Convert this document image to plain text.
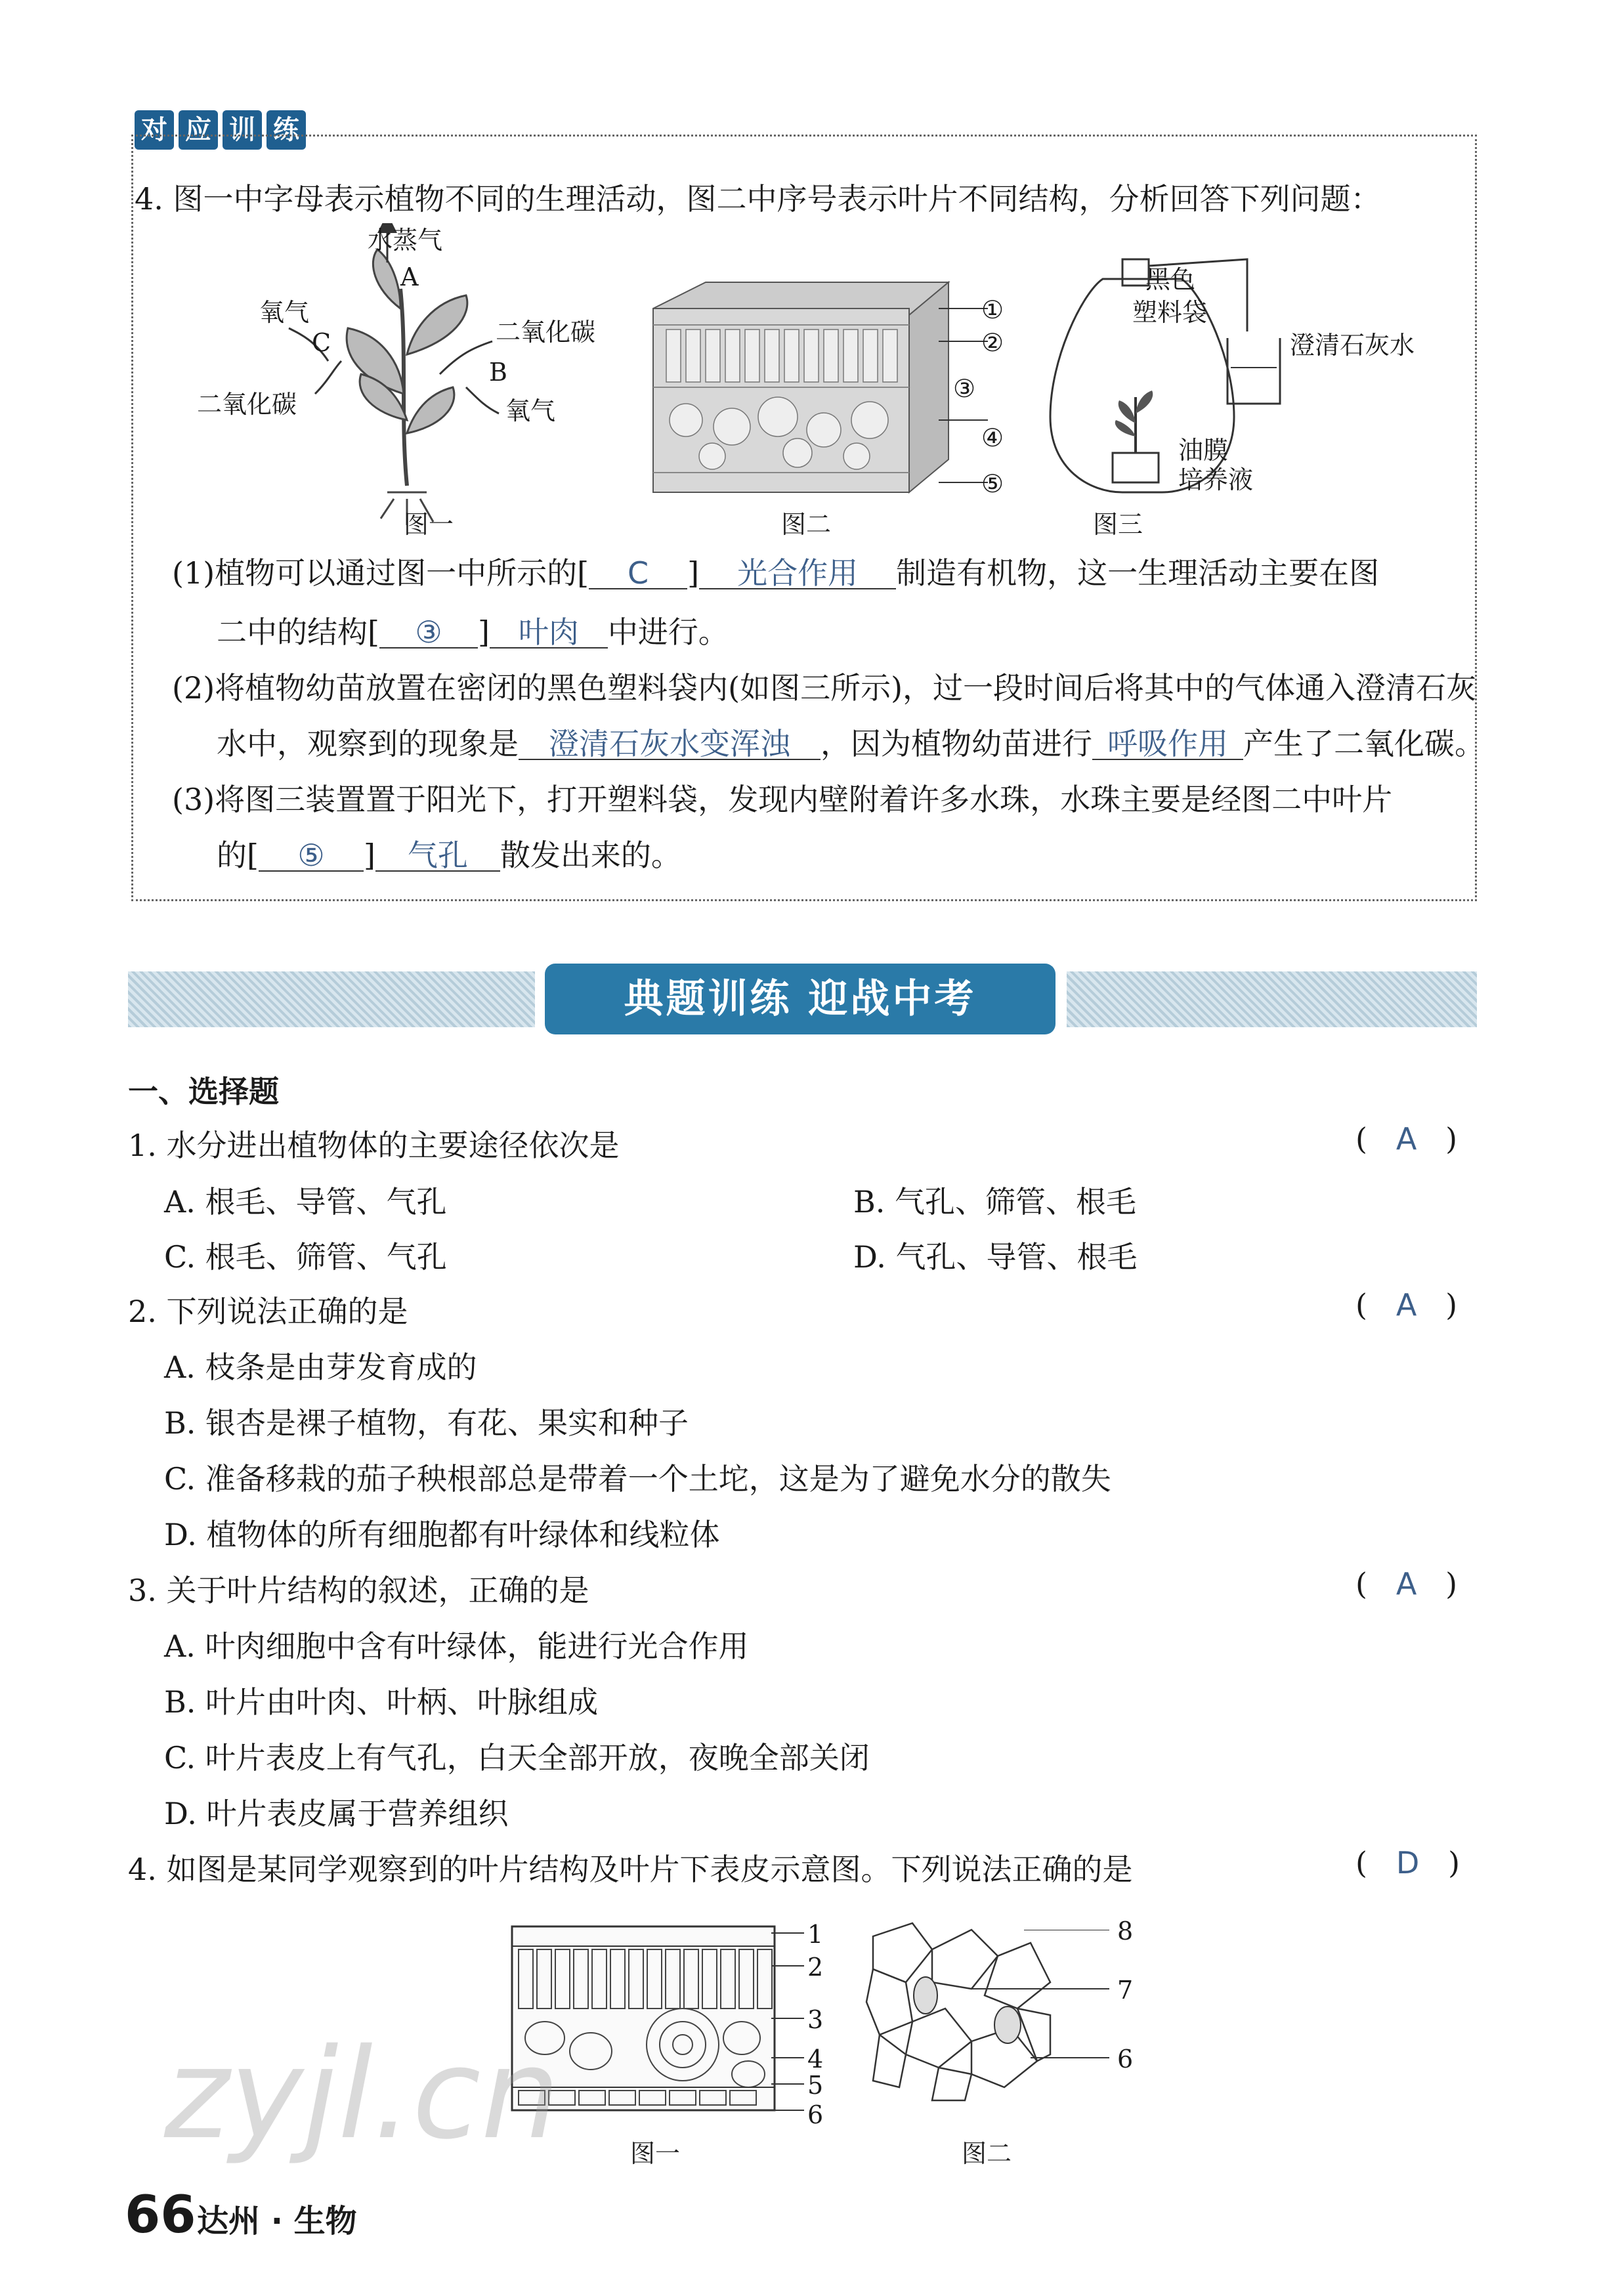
对 应 训 练
4. 图一中字母表示植物不同的生理活动，图二中序号表示叶片不同结构，分析回答下列问题：
水蒸气
A
氧气
C
二氧化碳
二氧化碳
B
氧气
图一
①
②
③
④
⑤
图二
黑色
塑料袋
澄清石灰水
油膜
培养液
图三
(1)植物可以通过图一中所示的[ C ] 光合作用 制造有机物，这一生理活动主要在图
二中的结构[ ③ ] 叶肉 中进行。
(2)将植物幼苗放置在密闭的黑色塑料袋内(如图三所示)，过一段时间后将其中的气体通入澄清石灰
水中，观察到的现象是 澄清石灰水变浑浊 ，因为植物幼苗进行 呼吸作用 产生了二氧化碳。
(3)将图三装置置于阳光下，打开塑料袋，发现内壁附着许多水珠，水珠主要是经图二中叶片
的[ ⑤ ] 气孔 散发出来的。
典题训练 迎战中考
一、选择题
1. 水分进出植物体的主要途径依次是	( A )
A. 根毛、导管、气孔	B. 气孔、筛管、根毛
C. 根毛、筛管、气孔	D. 气孔、导管、根毛
2. 下列说法正确的是	( A )
A. 枝条是由芽发育成的
B. 银杏是裸子植物，有花、果实和种子
C. 准备移栽的茄子秧根部总是带着一个土坨，这是为了避免水分的散失
D. 植物体的所有细胞都有叶绿体和线粒体
3. 关于叶片结构的叙述，正确的是	( A )
A. 叶肉细胞中含有叶绿体，能进行光合作用
B. 叶片由叶肉、叶柄、叶脉组成
C. 叶片表皮上有气孔，白天全部开放，夜晚全部关闭
D. 叶片表皮属于营养组织
4. 如图是某同学观察到的叶片结构及叶片下表皮示意图。下列说法正确的是	( D )
1
2
3
4
5
6
图一
8
7
6
图二
zyjl.cn
66 达州 · 生物
